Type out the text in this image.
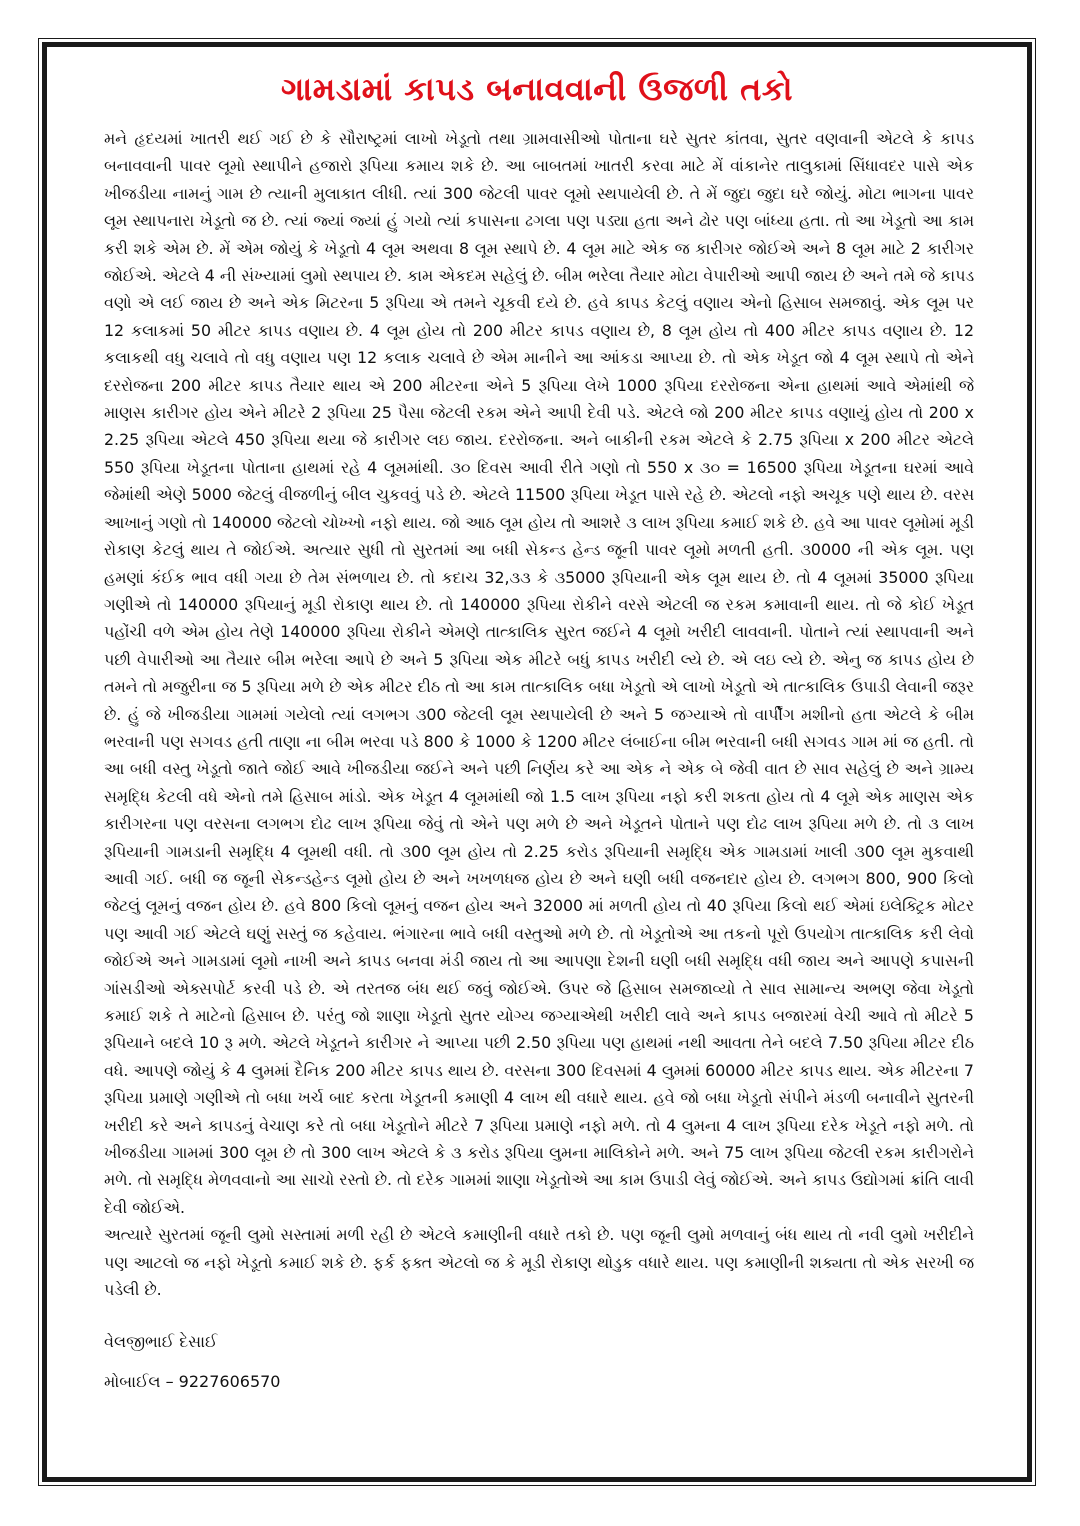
ગામડામાં કાપડ બનાવવાની ઉજળી તકો

મને હૃદયમાં ખાતરી થઈ ગઈ છે કે સૌરાષ્ટ્રમાં લાખો ખેડૂતો તથા ગ્રામવાસીઓ પોતાના ઘરે સુતર કાંતવા, સુતર વણવાની એટલે કે કાપડ બનાવવાની પાવર લૂમો સ્થાપીને હજારો રૂપિયા કમાય શકે છે. આ બાબતમાં ખાતરી કરવા માટે મેં વાંકાનેર તાલુકામાં સિંધાવદર પાસે એક ખીજડીયા નામનું ગામ છે ત્યાની મુલાકાત લીધી. ત્યાં 300 જેટલી પાવર લૂમો સ્થપાયેલી છે. તે મેં જુદા જુદા ઘરે જોયું. મોટા ભાગના પાવર લૂમ સ્થાપનારા ખેડૂતો જ છે. ત્યાં જ્યાં જ્યાં હું ગયો ત્યાં કપાસના ઢગલા પણ પડ્યા હતા અને ઢોર પણ બાંધ્યા હતા. તો આ ખેડૂતો આ કામ કરી શકે એમ છે. મેં એમ જોયું કે ખેડૂતો 4 લૂમ અથવા 8 લૂમ સ્થાપે છે. 4 લૂમ માટે એક જ કારીગર જોઈએ અને 8 લૂમ માટે 2 કારીગર જોઈએ. એટલે 4 ની સંખ્યામાં લુમો સ્થપાય છે. કામ એકદમ સહેલું છે. બીમ ભરેલા તૈયાર મોટા વેપારીઓ આપી જાય છે અને તમે જે કાપડ વણો એ લઈ જાય છે અને એક મિટરના 5 રૂપિયા એ તમને ચૂકવી દયે છે. હવે કાપડ કેટલું વણાય એનો હિસાબ સમજાવું. એક લૂમ પર 12 કલાકમાં 50 મીટર કાપડ વણાય છે. 4 લૂમ હોય તો 200 મીટર કાપડ વણાય છે, 8 લૂમ હોય તો 400 મીટર કાપડ વણાય છે. 12 કલાકથી વધુ ચલાવે તો વધુ વણાય પણ 12 કલાક ચલાવે છે એમ માનીને આ આંકડા આપ્યા છે. તો એક ખેડૂત જો 4 લૂમ સ્થાપે તો એને દરરોજના 200 મીટર કાપડ તૈયાર થાય એ 200 મીટરના એને 5 રૂપિયા લેખે 1000 રૂપિયા દરરોજના એના હાથમાં આવે એમાંથી જે માણસ કારીગર હોય એને મીટરે 2 રૂપિયા 25 પૈસા જેટલી રકમ એને આપી દેવી પડે. એટલે જો 200 મીટર કાપડ વણાયું હોય તો 200 x 2.25 રૂપિયા એટલે 450 રૂપિયા થયા જે કારીગર લઇ જાય. દરરોજના. અને બાકીની રકમ એટલે કે 2.75 રૂપિયા x 200 મીટર એટલે 550 રૂપિયા ખેડૂતના પોતાના હાથમાં રહે 4 લૂમમાંથી. ૩૦ દિવસ આવી રીતે ગણો તો 550 x ૩૦ = 16500 રૂપિયા ખેડૂતના ઘરમાં આવે જેમાંથી એણે 5000 જેટલું વીજળીનું બીલ ચુકવવું પડે છે. એટલે 11500 રૂપિયા ખેડૂત પાસે રહે છે. એટલો નફો અચૂક પણે થાય છે. વરસ આખાનું ગણો તો 140000 જેટલો ચોખ્ખો નફો થાય. જો આઠ લૂમ હોય તો આશરે ૩ લાખ રૂપિયા કમાઈ શકે છે. હવે આ પાવર લૂમોમાં મૂડી રોકાણ કેટલું થાય તે જોઈએ. અત્યાર સુધી તો સુરતમાં આ બધી સેકન્ડ હેન્ડ જૂની પાવર લૂમો મળતી હતી. ૩0000 ની એક લૂમ. પણ હમણાં કંઈક ભાવ વધી ગયા છે તેમ સંભળાય છે. તો કદાચ 32,૩૩ કે ૩5000 રૂપિયાની એક લૂમ થાય છે. તો 4 લૂમમાં 35000 રૂપિયા ગણીએ તો 140000 રૂપિયાનું મૂડી રોકાણ થાય છે. તો 140000 રૂપિયા રોકીને વરસે એટલી જ રકમ કમાવાની થાય. તો જે કોઈ ખેડૂત પહોંચી વળે એમ હોય તેણે 140000 રૂપિયા રોકીને એમણે તાત્કાલિક સુરત જઈને 4 લૂમો ખરીદી લાવવાની. પોતાને ત્યાં સ્થાપવાની અને પછી વેપારીઓ આ તૈયાર બીમ ભરેલા આપે છે અને 5 રૂપિયા એક મીટરે બધું કાપડ ખરીદી લ્યે છે. એ લઇ લ્યે છે. એનુ જ કાપડ હોય છે તમને તો મજુરીના જ 5 રૂપિયા મળે છે એક મીટર દીઠ તો આ કામ તાત્કાલિક બધા ખેડૂતો એ લાખો ખેડૂતો એ તાત્કાલિક ઉપાડી લેવાની જરૂર છે. હું જે ખીજડીયા ગામમાં ગયેલો ત્યાં લગભગ ૩00 જેટલી લૂમ સ્થપાયેલી છે અને 5 જગ્યાએ તો વાર્પીંગ મશીનો હતા એટલે કે બીમ ભરવાની પણ સગવડ હતી તાણા ના બીમ ભરવા પડે 800 કે 1000 કે 1200 મીટર લંબાઈના બીમ ભરવાની બધી સગવડ ગામ માં જ હતી. તો આ બધી વસ્તુ ખેડૂતો જાતે જોઈ આવે ખીજડીયા જઈને અને પછી નિર્ણય કરે આ એક ને એક બે જેવી વાત છે સાવ સહેલું છે અને ગ્રામ્ય સમૃદ્ધિ કેટલી વધે એનો તમે હિસાબ માંડો. એક ખેડૂત 4 લૂમમાંથી જો 1.5 લાખ રૂપિયા નફો કરી શકતા હોય તો 4 લૂમે એક માણસ એક કારીગરના પણ વરસના લગભગ દોઢ લાખ રૂપિયા જેવું તો એને પણ મળે છે અને ખેડૂતને પોતાને પણ દોઢ લાખ રૂપિયા મળે છે. તો ૩ લાખ રૂપિયાની ગામડાની સમૃદ્ધિ 4 લૂમથી વધી. તો ૩00 લૂમ હોય તો 2.25 કરોડ રૂપિયાની સમૃદ્ધિ એક ગામડામાં ખાલી ૩00 લૂમ મુકવાથી આવી ગઈ. બધી જ જૂની સેકન્ડહેન્ડ લૂમો હોય છે અને ખખળધજ હોય છે અને ઘણી બધી વજનદાર હોય છે. લગભગ 800, 900 કિલો જેટલું લૂમનું વજન હોય છે. હવે 800 કિલો લૂમનું વજન હોય અને 32000 માં મળતી હોય તો 40 રૂપિયા કિલો થઈ એમાં ઇલેક્ટ્રિક મોટર પણ આવી ગઈ એટલે ઘણું સસ્તું જ કહેવાય. ભંગારના ભાવે બધી વસ્તુઓ મળે છે. તો ખેડૂતોએ આ તકનો પૂરો ઉપયોગ તાત્કાલિક કરી લેવો જોઈએ અને ગામડામાં લૂમો નાખી અને કાપડ બનવા મંડી જાય તો આ આપણા દેશની ઘણી બધી સમૃદ્ધિ વધી જાય અને આપણે કપાસની ગાંસડીઓ એક્સપોર્ટ કરવી પડે છે. એ તરતજ બંધ થઈ જવું જોઈએ. ઉપર જે હિસાબ સમજાવ્યો તે સાવ સામાન્ય અભણ જેવા ખેડૂતો કમાઈ શકે તે માટેનો હિસાબ છે. પરંતુ જો શાણા ખેડૂતો સુતર યોગ્ય જગ્યાએથી ખરીદી લાવે અને કાપડ બજારમાં વેચી આવે તો મીટરે 5 રૂપિયાને બદલે 10 રૂ મળે. એટલે ખેડૂતને કારીગર ને આપ્યા પછી 2.50 રૂપિયા પણ હાથમાં નથી આવતા તેને બદલે 7.50 રૂપિયા મીટર દીઠ વધે. આપણે જોયું કે 4 લુમમાં દૈનિક 200 મીટર કાપડ થાય છે. વરસના 300 દિવસમાં 4 લુમમાં 60000 મીટર કાપડ થાય. એક મીટરના 7 રૂપિયા પ્રમાણે ગણીએ તો બધા ખર્ચ બાદ કરતા ખેડૂતની કમાણી 4 લાખ થી વધારે થાય. હવે જો બધા ખેડૂતો સંપીને મંડળી બનાવીને સુતરની ખરીદી કરે અને કાપડનું વેચાણ કરે તો બધા ખેડૂતોને મીટરે 7 રૂપિયા પ્રમાણે નફો મળે. તો 4 લુમના 4 લાખ રૂપિયા દરેક ખેડૂતે નફો મળે. તો ખીજડીયા ગામમાં 300 લૂમ છે તો 300 લાખ એટલે કે ૩ કરોડ રૂપિયા લુમના માલિકોને મળે. અને 75 લાખ રૂપિયા જેટલી રકમ કારીગરોને મળે. તો સમૃદ્ધિ મેળવવાનો આ સાચો રસ્તો છે. તો દરેક ગામમાં શાણા ખેડૂતોએ આ કામ ઉપાડી લેવું જોઈએ. અને કાપડ ઉદ્યોગમાં ક્રાંતિ લાવી દેવી જોઈએ.

અત્યારે સુરતમાં જૂની લુમો સસ્તામાં મળી રહી છે એટલે કમાણીની વધારે તકો છે. પણ જૂની લુમો મળવાનું બંધ થાય તો નવી લુમો ખરીદીને પણ આટલો જ નફો ખેડૂતો કમાઈ શકે છે. ફર્ક ફક્ત એટલો જ કે મૂડી રોકાણ થોડુક વધારે થાય. પણ કમાણીની શક્યતા તો એક સરખી જ પડેલી છે.

વેલજીભાઈ દેસાઈ
મોબાઈલ – 9227606570
